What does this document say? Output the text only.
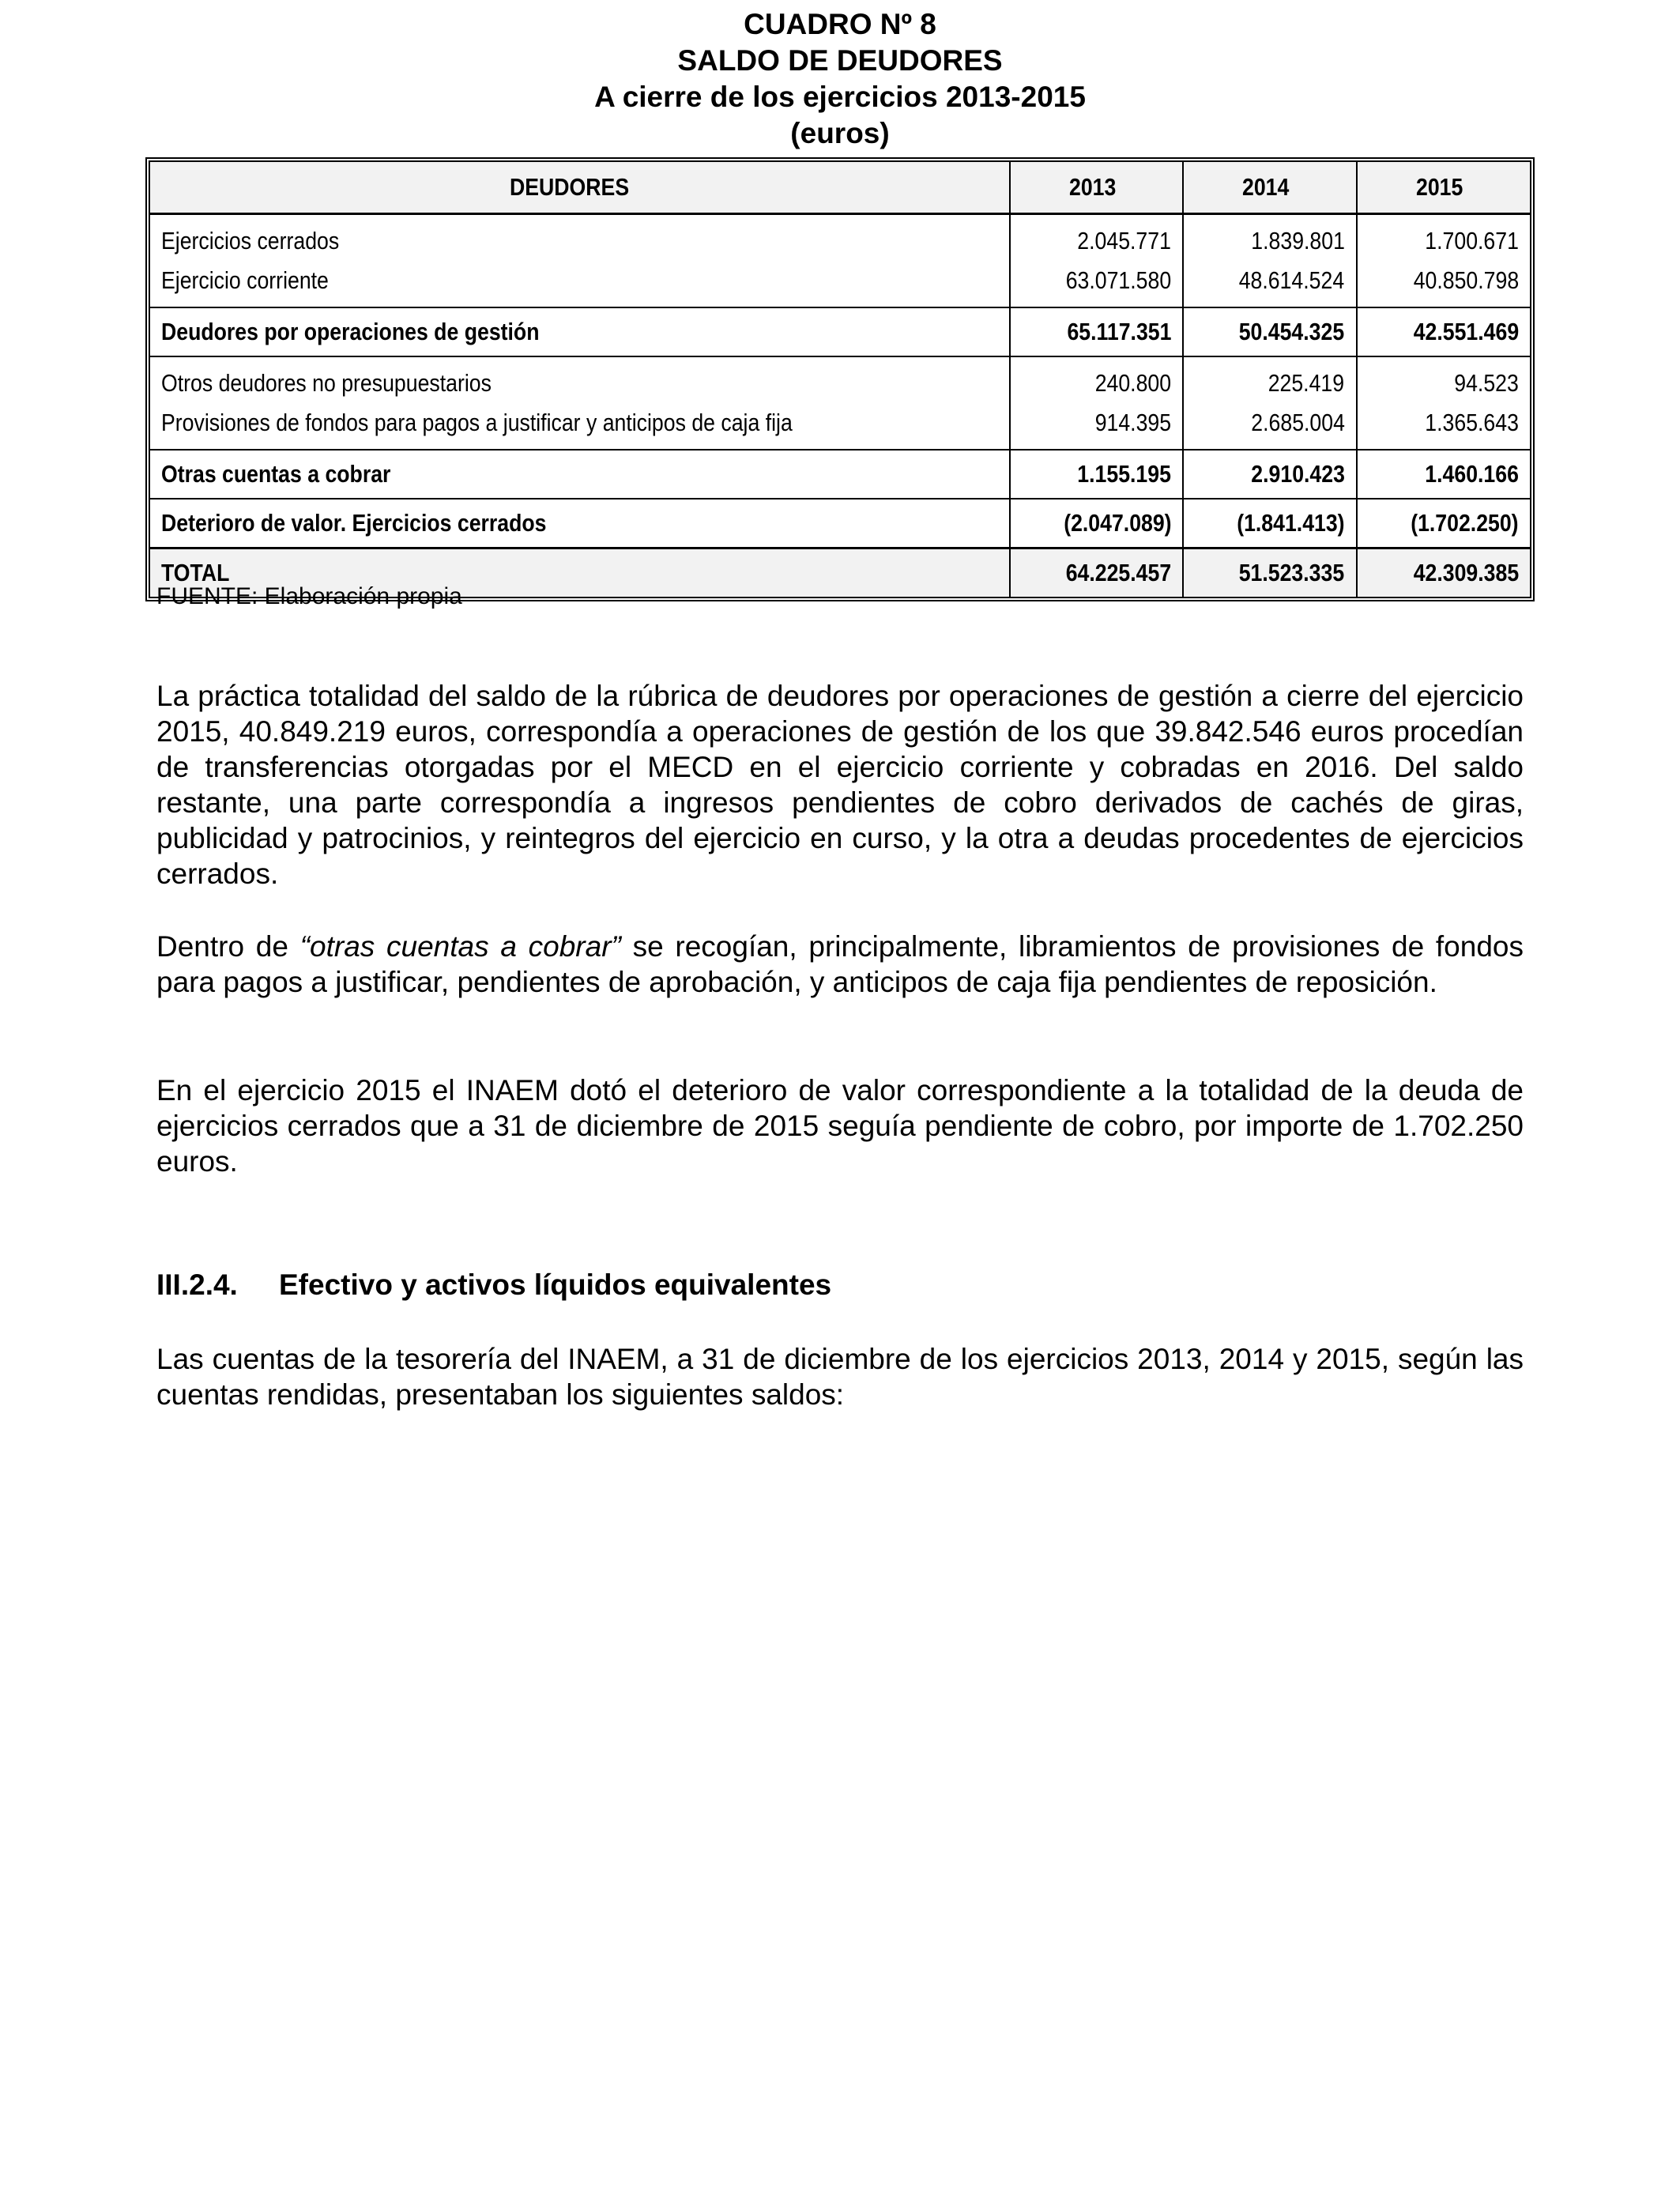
CUADRO Nº 8
SALDO DE DEUDORES
A cierre de los ejercicios 2013-2015
(euros)
DEUDORES	2013	2014	2015
Ejercicios cerrados	2.045.771	1.839.801	1.700.671
Ejercicio corriente	63.071.580	48.614.524	40.850.798
Deudores por operaciones de gestión	65.117.351	50.454.325	42.551.469
Otros deudores no presupuestarios	240.800	225.419	94.523
Provisiones de fondos para pagos a justificar y anticipos de caja fija	914.395	2.685.004	1.365.643
Otras cuentas a cobrar	1.155.195	2.910.423	1.460.166
Deterioro de valor. Ejercicios cerrados	(2.047.089)	(1.841.413)	(1.702.250)
TOTAL	64.225.457	51.523.335	42.309.385
FUENTE: Elaboración propia

La práctica totalidad del saldo de la rúbrica de deudores por operaciones de gestión a cierre del ejercicio 2015, 40.849.219 euros, correspondía a operaciones de gestión de los que 39.842.546 euros procedían de transferencias otorgadas por el MECD en el ejercicio corriente y cobradas en 2016. Del saldo restante, una parte correspondía a ingresos pendientes de cobro derivados de cachés de giras, publicidad y patrocinios, y reintegros del ejercicio en curso, y la otra a deudas procedentes de ejercicios cerrados.

Dentro de “otras cuentas a cobrar” se recogían, principalmente, libramientos de provisiones de fondos para pagos a justificar, pendientes de aprobación, y anticipos de caja fija pendientes de reposición.

En el ejercicio 2015 el INAEM dotó el deterioro de valor correspondiente a la totalidad de la deuda de ejercicios cerrados que a 31 de diciembre de 2015 seguía pendiente de cobro, por importe de 1.702.250 euros.

III.2.4. Efectivo y activos líquidos equivalentes

Las cuentas de la tesorería del INAEM, a 31 de diciembre de los ejercicios 2013, 2014 y 2015, según las cuentas rendidas, presentaban los siguientes saldos:
